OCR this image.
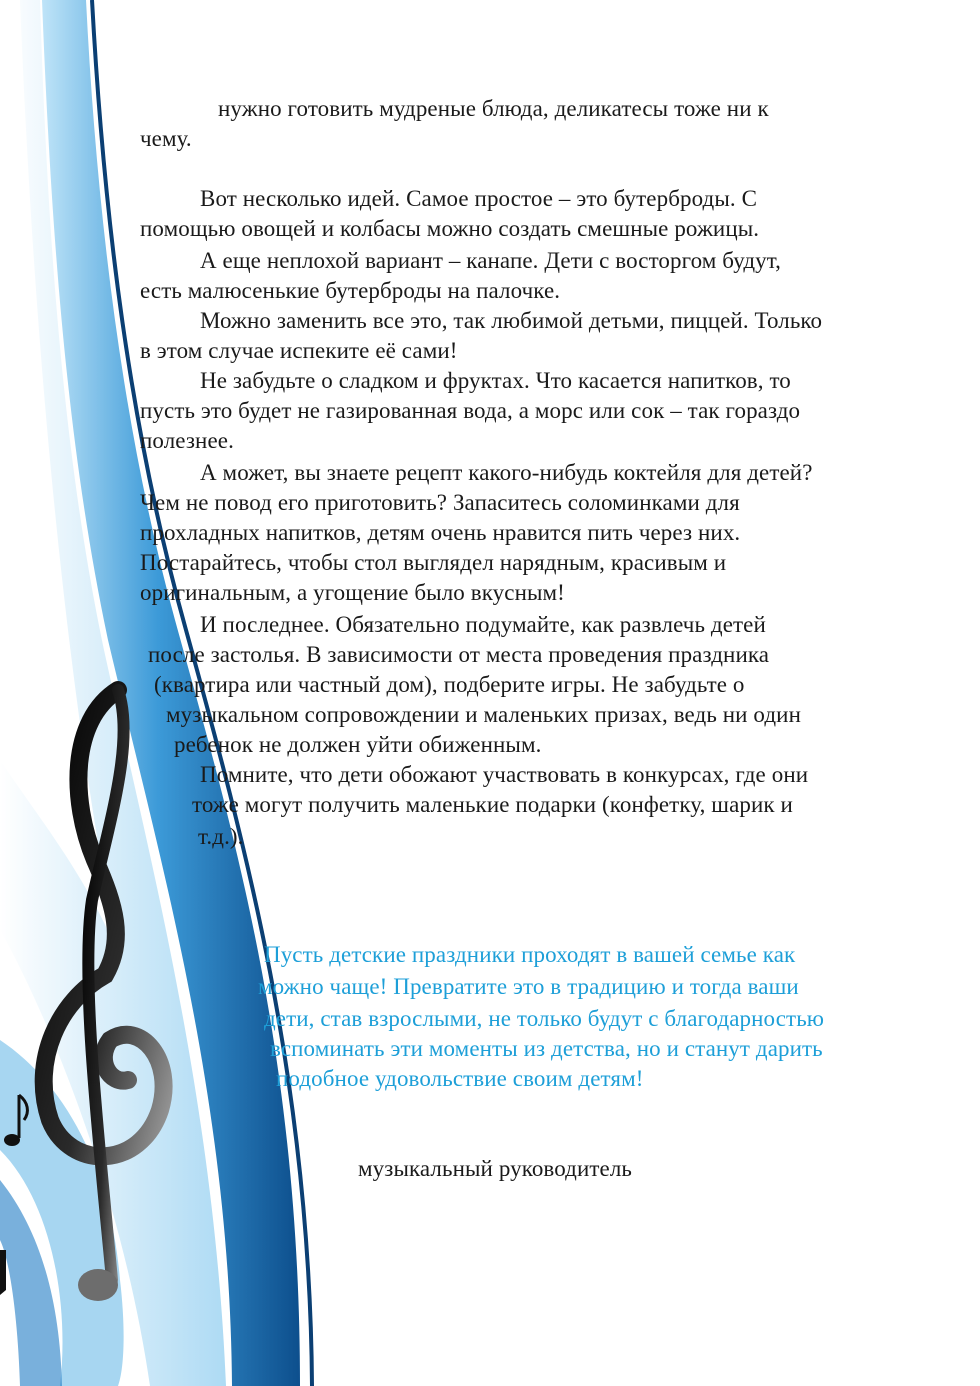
нужно готовить мудреные блюда, деликатесы тоже ни к

чему.

Вот несколько идей. Самое простое – это бутерброды. С

помощью овощей и колбасы можно создать смешные рожицы.

А еще неплохой вариант – канапе. Дети с восторгом будут,

есть малюсенькие бутерброды на палочке.

Можно заменить все это, так любимой детьми, пиццей. Только

в этом случае испеките её сами!

Не забудьте о сладком и фруктах. Что касается напитков, то

пусть это будет не газированная вода, а морс или сок – так гораздо

полезнее.

А может, вы знаете рецепт какого-нибудь коктейля для детей?

Чем не повод его приготовить? Запаситесь соломинками для

прохладных напитков, детям очень нравится пить через них.

Постарайтесь, чтобы стол выглядел нарядным, красивым и

оригинальным, а угощение было вкусным!

И последнее. Обязательно подумайте, как развлечь детей

после застолья. В зависимости от места проведения праздника

(квартира или частный дом), подберите игры. Не забудьте о

музыкальном сопровождении и маленьких призах, ведь ни один

ребенок не должен уйти обиженным.

Помните, что дети обожают участвовать в конкурсах, где они

тоже могут получить маленькие подарки (конфетку, шарик и

т.д.).

Пусть детские праздники проходят в вашей семье как

можно чаще! Превратите это в традицию и тогда ваши

дети, став взрослыми, не только будут с благодарностью

вспоминать эти моменты из детства, но и станут дарить

подобное удовольствие своим детям!

музыкальный руководитель
